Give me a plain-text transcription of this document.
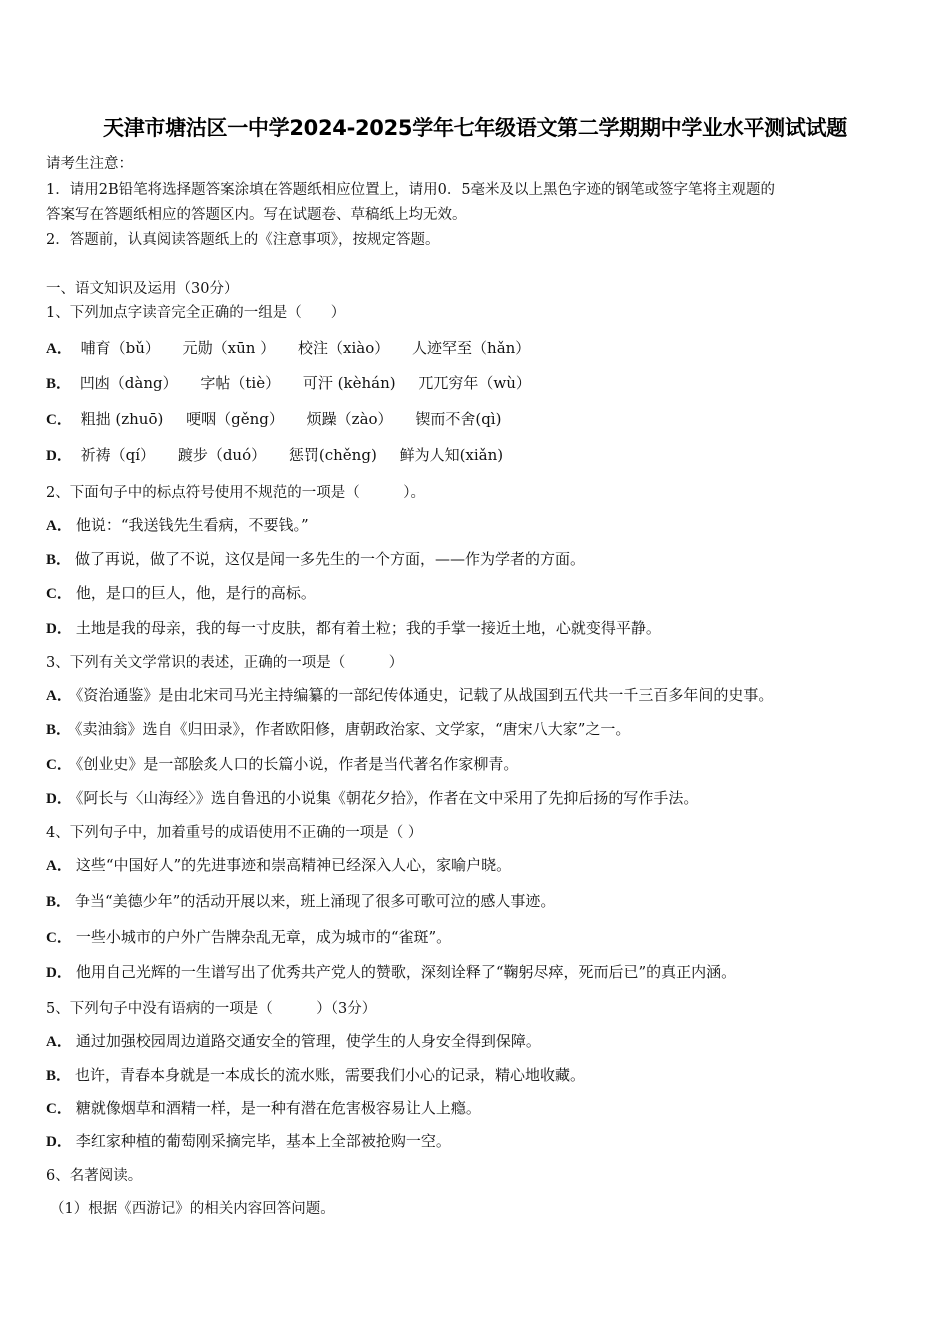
天津市塘沽区一中学2024-2025学年七年级语文第二学期期中学业水平测试试题
请考生注意：
1．请用2B铅笔将选择题答案涂填在答题纸相应位置上，请用0．5毫米及以上黑色字迹的钢笔或签字笔将主观题的
答案写在答题纸相应的答题区内。写在试题卷、草稿纸上均无效。
2．答题前，认真阅读答题纸上的《注意事项》，按规定答题。
一、语文知识及运用（30分）
1、下列加点字读音完全正确的一组是（　　）
A． 哺育（bǔ） 元勋（xūn ） 校注（xiào） 人迹罕至（hǎn）
B． 凹凼（dàng） 字帖（tiè） 可汗 (kèhán) 兀兀穷年（wù）
C． 粗拙 (zhuō) 哽咽（gěng） 烦躁（zào） 锲而不舍(qì)
D． 祈祷（qí） 踱步（duó） 惩罚(chěng) 鲜为人知(xiǎn)
2、下面句子中的标点符号使用不规范的一项是（　　　）。
A． 他说：“我送钱先生看病，不要钱。”
B． 做了再说，做了不说，这仅是闻一多先生的一个方面，——作为学者的方面。
C． 他，是口的巨人，他，是行的高标。
D． 土地是我的母亲，我的每一寸皮肤，都有着土粒；我的手掌一接近土地，心就变得平静。
3、下列有关文学常识的表述，正确的一项是（　　　）
A． 《资治通鉴》是由北宋司马光主持编纂的一部纪传体通史，记载了从战国到五代共一千三百多年间的史事。
B． 《卖油翁》选自《归田录》，作者欧阳修，唐朝政治家、文学家，“唐宋八大家”之一。
C． 《创业史》是一部脍炙人口的长篇小说，作者是当代著名作家柳青。
D． 《阿长与〈山海经〉》选自鲁迅的小说集《朝花夕拾》，作者在文中采用了先抑后扬的写作手法。
4、下列句子中，加着重号的成语使用不正确的一项是（ ）
A． 这些“中国好人”的先进事迹和崇高精神已经深入人心，家喻户晓。
B． 争当“美德少年”的活动开展以来，班上涌现了很多可歌可泣的感人事迹。
C． 一些小城市的户外广告牌杂乱无章，成为城市的“雀斑”。
D． 他用自己光辉的一生谱写出了优秀共产党人的赞歌，深刻诠释了“鞠躬尽瘁，死而后已”的真正内涵。
5、下列句子中没有语病的一项是（　　　）（3分）
A． 通过加强校园周边道路交通安全的管理，使学生的人身安全得到保障。
B． 也许，青春本身就是一本成长的流水账，需要我们小心的记录，精心地收藏。
C． 糖就像烟草和酒精一样，是一种有潜在危害极容易让人上瘾。
D． 李红家种植的葡萄刚采摘完毕，基本上全部被抢购一空。
6、名著阅读。
（1）根据《西游记》的相关内容回答问题。
